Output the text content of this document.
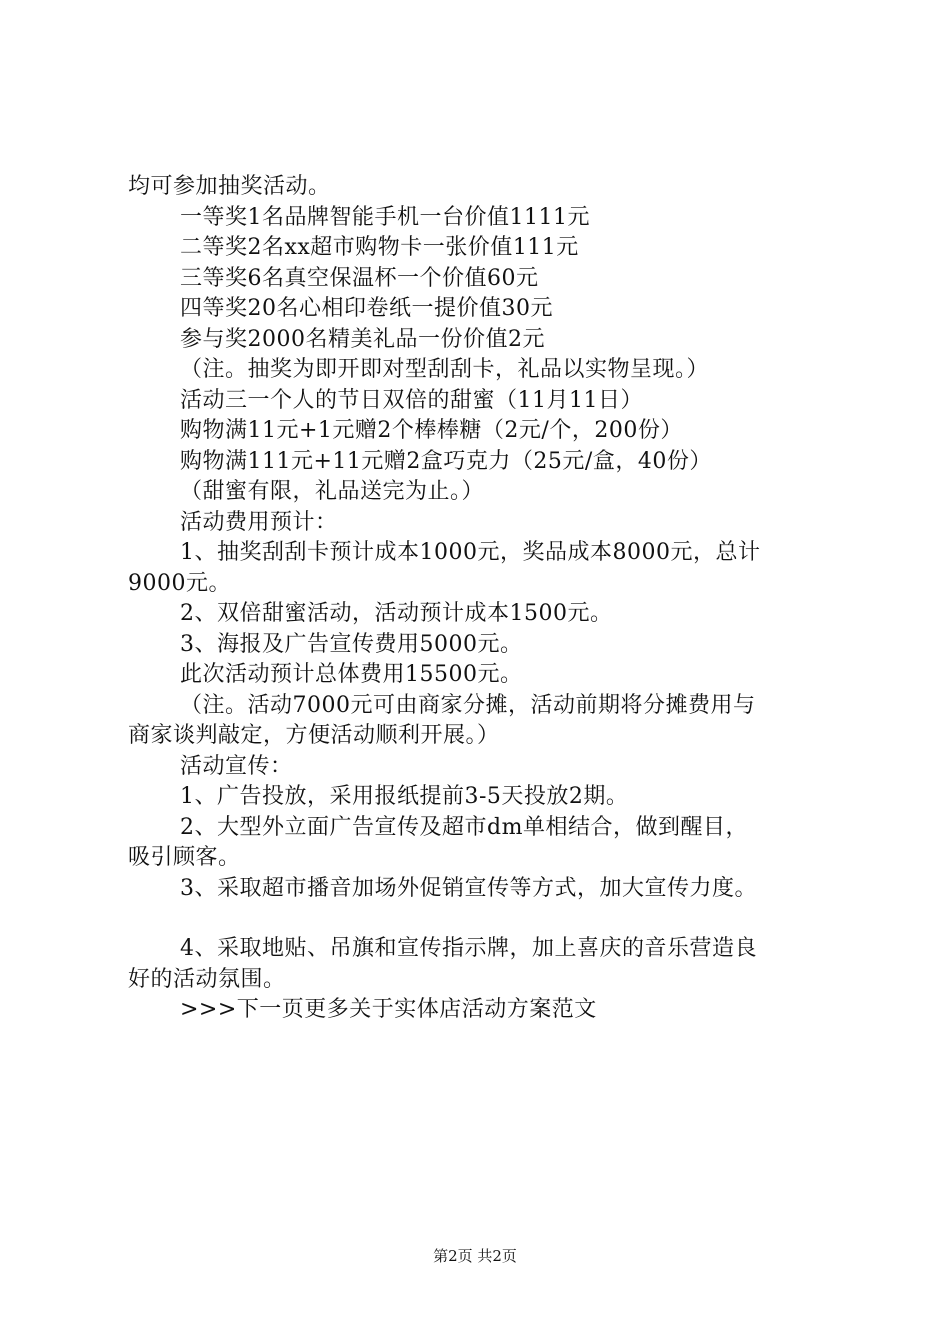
均可参加抽奖活动。
一等奖1名品牌智能手机一台价值1111元
二等奖2名xx超市购物卡一张价值111元
三等奖6名真空保温杯一个价值60元
四等奖20名心相印卷纸一提价值30元
参与奖2000名精美礼品一份价值2元
（注。抽奖为即开即对型刮刮卡，礼品以实物呈现。）
活动三一个人的节日双倍的甜蜜（11月11日）
购物满11元+1元赠2个棒棒糖（2元/个，200份）
购物满111元+11元赠2盒巧克力（25元/盒，40份）
（甜蜜有限，礼品送完为止。）
活动费用预计：
1、抽奖刮刮卡预计成本1000元，奖品成本8000元，总计
9000元。
2、双倍甜蜜活动，活动预计成本1500元。
3、海报及广告宣传费用5000元。
此次活动预计总体费用15500元。
（注。活动7000元可由商家分摊，活动前期将分摊费用与
商家谈判敲定，方便活动顺利开展。）
活动宣传：
1、广告投放，采用报纸提前3-5天投放2期。
2、大型外立面广告宣传及超市dm单相结合，做到醒目，
吸引顾客。
3、采取超市播音加场外促销宣传等方式，加大宣传力度。
4、采取地贴、吊旗和宣传指示牌，加上喜庆的音乐营造良
好的活动氛围。
>>>下一页更多关于实体店活动方案范文
第2页 共2页
